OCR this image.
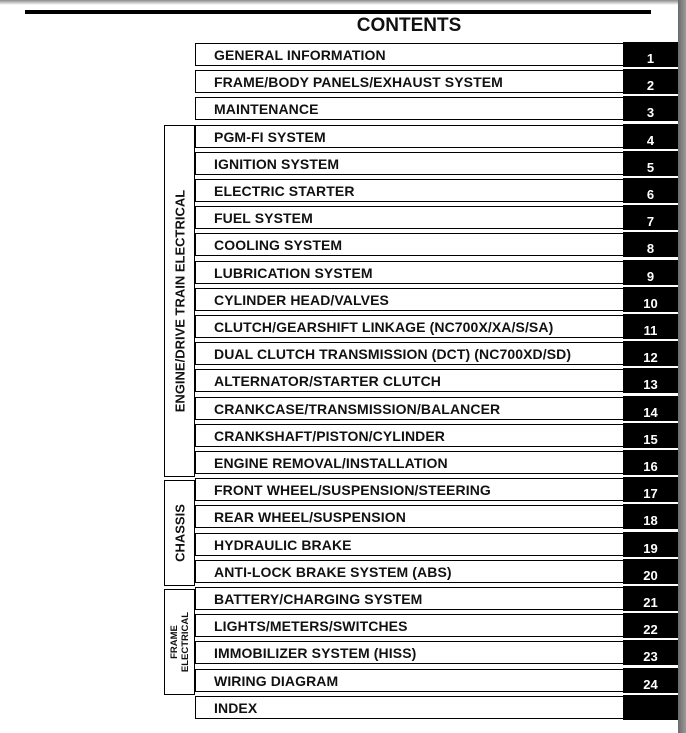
CONTENTS
ENGINE/DRIVE TRAIN ELECTRICAL
CHASSIS
FRAME ELECTRICAL
GENERAL INFORMATION	1
FRAME/BODY PANELS/EXHAUST SYSTEM	2
MAINTENANCE	3
PGM-FI SYSTEM	4
IGNITION SYSTEM	5
ELECTRIC STARTER	6
FUEL SYSTEM	7
COOLING SYSTEM	8
LUBRICATION SYSTEM	9
CYLINDER HEAD/VALVES	10
CLUTCH/GEARSHIFT LINKAGE (NC700X/XA/S/SA)	11
DUAL CLUTCH TRANSMISSION (DCT) (NC700XD/SD)	12
ALTERNATOR/STARTER CLUTCH	13
CRANKCASE/TRANSMISSION/BALANCER	14
CRANKSHAFT/PISTON/CYLINDER	15
ENGINE REMOVAL/INSTALLATION	16
FRONT WHEEL/SUSPENSION/STEERING	17
REAR WHEEL/SUSPENSION	18
HYDRAULIC BRAKE	19
ANTI-LOCK BRAKE SYSTEM (ABS)	20
BATTERY/CHARGING SYSTEM	21
LIGHTS/METERS/SWITCHES	22
IMMOBILIZER SYSTEM (HISS)	23
WIRING DIAGRAM	24
INDEX
